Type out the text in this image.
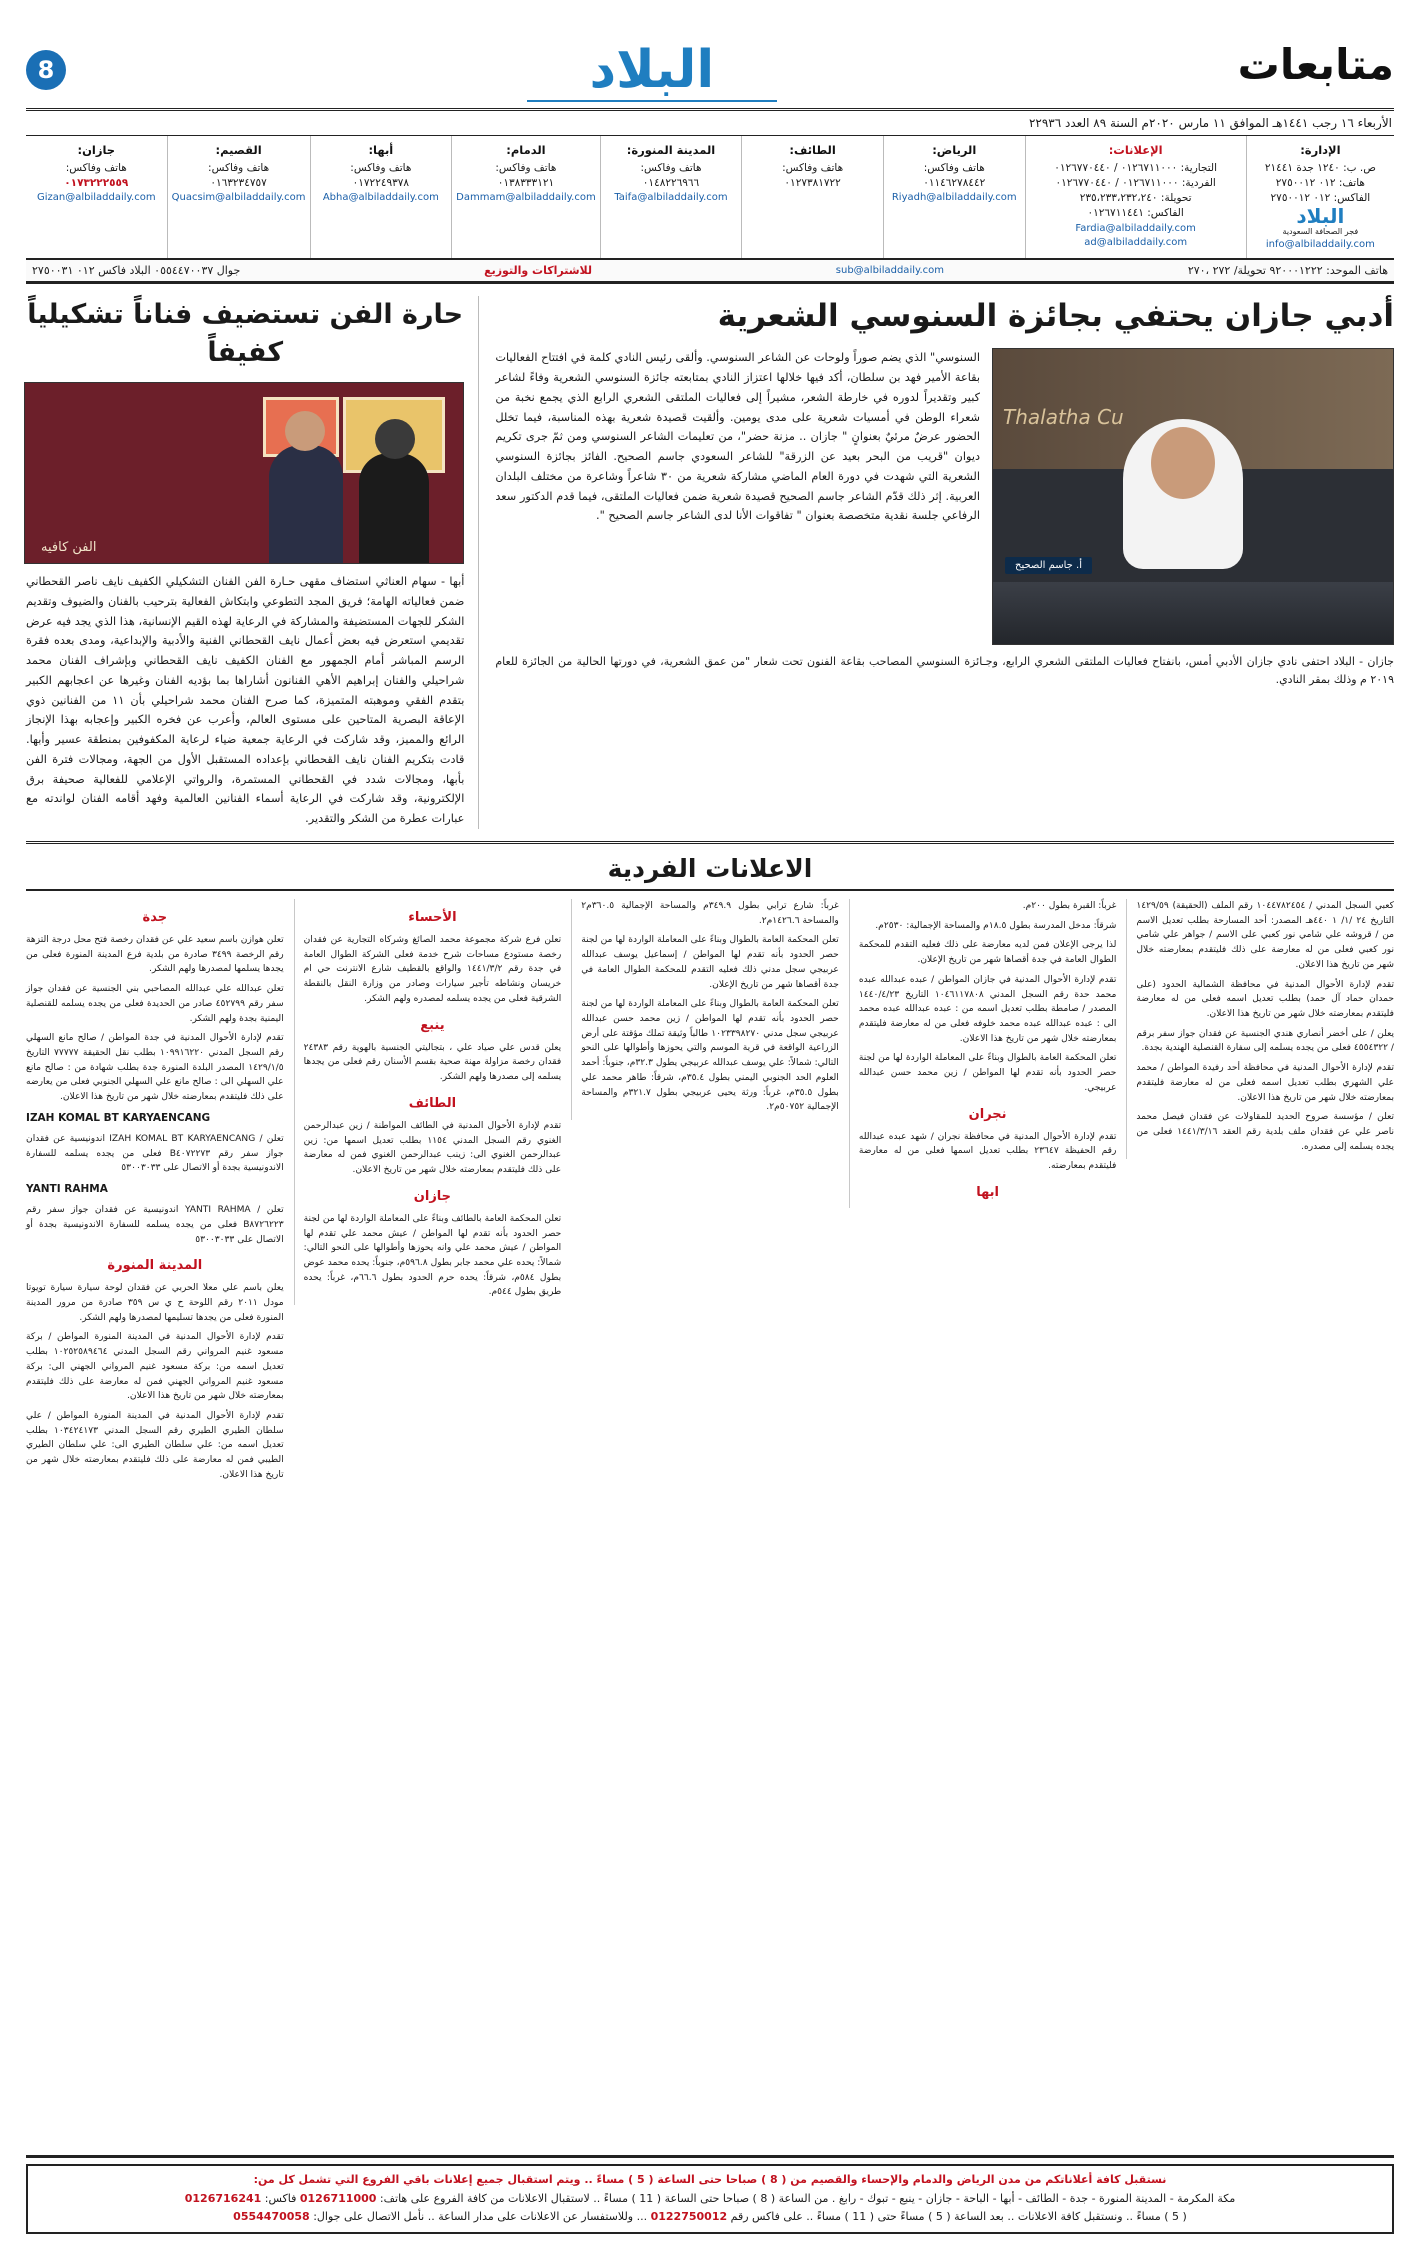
متابعات
البلاد
8
الأربعاء ١٦ رجب ١٤٤١هـ الموافق ١١ مارس ٢٠٢٠م السنة ٨٩ العدد ٢٢٩٣٦
الإدارة:
ص. ب: ١٢٤٠ جدة ٢١٤٤١
هاتف: ٠١٢ ٢٧٥٠٠١٢
الفاكس: ٠١٢ ٢٧٥٠٠١٢
البلاد
فجر الصحافة السعودية
info@albiladdaily.com
الإعلانات:
التجارية: ٠١٢٦٧١١٠٠٠ / ٠١٢٦٧٧٠٤٤٠
الفردية: ٠١٢٦٧١١٠٠٠ / ٠١٢٦٧٧٠٤٤٠
تحويلة: ٢٣٥،٢٣٣،٢٣٢،٢٤٠
الفاكس: ٠١٢٦٧١١٤٤١
Fardia@albiladdaily.com
ad@albiladdaily.com
الرياض:
هاتف وفاكس:
٠١١٤٦٢٧٨٤٤٢
Riyadh@albiladdaily.com
الطائف:
هاتف وفاكس:
٠١٢٧٣٨١٧٢٢
المدينة المنورة:
هاتف وفاكس:
٠١٤٨٢٢٦٩٦٦
Taifa@albiladdaily.com
الدمام:
هاتف وفاكس:
٠١٣٨٣٣٣١٢١
Dammam@albiladdaily.com
أبها:
هاتف وفاكس:
٠١٧٢٢٤٩٣٧٨
Abha@albiladdaily.com
القصيم:
هاتف وفاكس:
٠١٦٣٢٣٤٧٥٧
Quacsim@albiladdaily.com
جازان:
هاتف وفاكس:
٠١٧٣٢٢٢٥٥٩
Gizan@albiladdaily.com
هاتف الموحد: ٩٢٠٠٠١٢٢٢ تحويلة/ ٢٧٢ ،٢٧٠
sub@albiladdaily.com
للاشتراكات والتوزيع
جوال ٠٥٥٤٤٧٠٠٣٧ البلاد فاكس ٠١٢ ٢٧٥٠٠٣١
أدبي جازان يحتفي بجائزة السنوسي الشعرية
Thalatha Cu
أ. جاسم الصحيح
السنوسي" الذي يضم صوراً ولوحات عن الشاعر السنوسي. وألقى رئيس النادي كلمة في افتتاح الفعاليات بقاعة الأمير فهد بن سلطان، أكد فيها خلالها اعتزاز النادي بمتابعته جائزة السنوسي الشعرية وفاءً لشاعر كبير وتقديراً لدوره في خارطة الشعر، مشيراً إلى فعاليات الملتقى الشعري الرابع الذي يجمع نخبة من شعراء الوطن في أمسيات شعرية على مدى يومين. وألقيت قصيدة شعرية بهذه المناسبة، فيما تخلل الحضور عرضٌ مرئيٌ بعنوانٍ " جازان .. مزنة حضر"، من تعليمات الشاعر السنوسي ومن ثمّ جرى تكريم ديوان "قريب من البحر بعيد عن الزرقة" للشاعر السعودي جاسم الصحيح. الفائز بجائزة السنوسي الشعرية التي شهدت في دورة العام الماضي مشاركة شعرية من ٣٠ شاعراً وشاعرة من مختلف البلدان العربية. إثر ذلك قدّم الشاعر جاسم الصحيح قصيدة شعرية ضمن فعاليات الملتقى، فيما قدم الدكتور سعد الرفاعي جلسة نقدية متخصصة بعنوان " تفاقوات الأنا لدى الشاعر جاسم الصحيح ".
جازان - البلاد احتفى نادي جازان الأدبي أمس، بانفتاح فعاليات الملتقى الشعري الرابع، وجـائزة السنوسي المصاحب بقاعة الفنون تحت شعار "من عمق الشعرية، في دورتها الحالية من الجائزة للعام ٢٠١٩ م وذلك بمقر النادي.
حارة الفن تستضيف فناناً تشكيلياً كفيفاً
الفن كافيه
أبها - سهام العناثي استضاف مقهى حـارة الفن الفنان التشكيلي الكفيف نايف ناصر القحطاني ضمن فعالياته الهامة؛ فريق المجد التطوعي وابتكاش الفعالية بترحيب بالفنان والضيوف وتقديم الشكر للجهات المستضيفة والمشاركة في الرعاية لهذه القيم الإنسانية، هذا الذي يجد فيه عرض تقديمي استعرض فيه بعض أعمال نايف القحطاني الفنية والأدبية والإبداعية، ومدى بعده فقرة الرسم المباشر أمام الجمهور مع الفنان الكفيف نايف القحطاني وبإشراف الفنان محمد شراحيلي والفنان إبراهيم الأهي الفنانون أشاراها بما بؤديه الفنان وغيرها عن اعجابهم الكبير بتقدم الفقي وموهبته المتميزة، كما صرح الفنان محمد شراحيلي بأن ١١ من الفنانين ذوي الإعاقة البصرية المتاحين على مستوى العالم، وأعرب عن فخره الكبير وإعجابه بهذا الإنجاز الرائع والمميز، وقد شاركت في الرعاية جمعية ضياء لرعاية المكفوفين بمنطقة عسير وأبها. قادت بتكريم الفنان نايف القحطاني بإعداده المستقبل الأول من الجهة، ومجالات فترة الفن بأبها، ومجالات شدد في القحطاني المستمرة، والرواتي الإعلامي للفعالية صحيفة برق الإلكترونية، وقد شاركت في الرعاية أسماء الفنانين العالمية وفهد أقامه الفنان لواندته مع عبارات عطرة من الشكر والتقدير.
الاعلانات الفردية

كعبي السجل المدني / ١٠٤٤٧٨٢٤٥٤ رقم الملف (الحقيقة) ١٤٢٩/٥٩ التاريخ ٢٤ /١/ ١ ٤٤٠هـ المصدر: أحد المسارحة بطلب تعديل الاسم من / قروشه علي شامي نور كعبي على الاسم / جواهر علي شامي نور كعبي فعلى من له معارضة على ذلك فليتقدم بمعارضته خلال شهر من تاريخ هذا الاعلان.

تقدم لإدارة الأحوال المدنية في محافظة الشمالية الحدود (على حمدان حماد آل حمد) بطلب تعديل اسمه فعلى من له معارضة فليتقدم بمعارضته خلال شهر من تاريخ هذا الاعلان.

يعلن / على أخضر أنصاري هندي الجنسية عن فقدان جواز سفر برقم / ٤٥٥٤٣٢٢ فعلى من يجده يسلمه إلى سفارة القنصلية الهندية بجدة.

تقدم لإدارة الأحوال المدنية في محافظة أحد رفيدة المواطن / محمد علي الشهري بطلب تعديل اسمه فعلى من له معارضة فليتقدم بمعارضته خلال شهر من تاريخ هذا الاعلان.

تعلن / مؤسسة صروح الحديد للمقاولات عن فقدان فيصل محمد ناصر علي عن فقدان ملف بلدية رقم العقد ١٤٤١/٣/١٦ فعلى من يجده يسلمه إلى مصدره.

غرباً: القبرة بطول ٢٠٠م.

شرقاً: مدخل المدرسة بطول ١٨.٥م والمساحة الإجمالية: ٢٥٣٠م.

لذا يرجى الإعلان فمن لديه معارضة على ذلك فعليه التقدم للمحكمة الطوال العامة في جدة أقصاها شهر من تاريخ الإعلان.

تقدم لإدارة الأحوال المدنية في جازان المواطن / عبده عبدالله عبده محمد حدة رقم السجل المدني ١٠٤٦١١٧٨٠٨ التاريخ ١٤٤٠/٤/٢٣ المصدر / صامطة بطلب تعديل اسمه من : عبده عبدالله عبده محمد الى : عبده عبدالله عبده محمد خلوفه فعلى من له معارضة فليتقدم بمعارضته خلال شهر من تاريخ هذا الاعلان.

تعلن المحكمة العامة بالطوال وبناءً على المعاملة الواردة لها من لجنة حصر الحدود بأنه تقدم لها المواطن / زين محمد حسن عبدالله عربيجي.

نجران

تقدم لإدارة الأحوال المدنية في محافظة نجران / شهد عبده عبدالله رقم الحفيظة ٢٣٦٤٧ بطلب تعديل اسمها فعلى من له معارضة فليتقدم بمعارضته.

ابها

غرباً: شارع ترابي بطول ٣٤٩.٩م والمساحة الإجمالية ٣٦٠.٥م٢ والمساحة ١٤٢٦.٦م٢.

تعلن المحكمة العامة بالطوال وبناءً على المعاملة الواردة لها من لجنة حصر الحدود بأنه تقدم لها المواطن / إسماعيل يوسف عبدالله عربيجي سجل مدني ذلك فعليه التقدم للمحكمة الطوال العامة في جدة أقصاها شهر من تاريخ الإعلان.

تعلن المحكمة العامة بالطوال وبناءً على المعاملة الواردة لها من لجنة حصر الحدود بأنه تقدم لها المواطن / زين محمد حسن عبدالله عربيجي سجل مدني ١٠٢٣٣٩٨٢٧٠ طالباً وثيقة تملك مؤقتة على أرض الزراعية الواقعة في قرية الموسم والتي يحوزها وأطوالها على النحو التالي: شمالاً: علي يوسف عبدالله عربيجي يطول ٣٢.٣م، جنوباً: أحمد العلوم الحد الجنوبي اليمني بطول ٣٥.٤م، شرقاً: طاهر محمد علي بطول ٣٥.٥م، غرباً: ورثة يحيى عربيجي بطول ٣٢١.٧م والمساحة الإجمالية ٥٠٧٥٢م٢.

الأحساء

تعلن فرع شركة مجموعة محمد الصائغ وشركاه التجارية عن فقدان رخصة مستودع مساحات شرح خدمة فعلى الشركة الطوال العامة في جدة رقم ١٤٤١/٣/٢ والواقع بالقطيف شارع الانترنت حي ام خريسان ونشاطه تأجير سيارات وصادر من وزارة النقل بالنقطة الشرقية فعلى من يجده يسلمه لمصدره ولهم الشكر.

ينبع

يعلن قدس علي صياد علي ، بتجاليتي الجنسية بالهوية رقم ٢٤٣٨٣ فقدان رخصة مزاولة مهنة صحية بقسم الأسنان رقم فعلى من يجدها يسلمه إلى مصدرها ولهم الشكر.

الطائف

تقدم لإدارة الأحوال المدنية في الطائف المواطنة / زين عبدالرحمن الغنوي رقم السجل المدني ١١٥٤ بطلب تعديل اسمها من: زين عبدالرحمن الغنوي الى: زينب عبدالرحمن الغنوي فمن له معارضة على ذلك فليتقدم بمعارضته خلال شهر من تاريخ الاعلان.

جازان

تعلن المحكمة العامة بالطائف وبناءً على المعاملة الواردة لها من لجنة حصر الحدود بأنه تقدم لها المواطن / عيش محمد علي تقدم لها المواطن / عيش محمد علي وانه يحوزها وأطوالها على النحو التالي: شمالاً: يحده علي محمد جابر بطول ٥٩٦.٨م، جنوباً: يحده محمد عوض بطول ٥٨٤م، شرقاً: يحده حرم الحدود بطول ٦٦.٦م، غرباً: يحده طريق بطول ٥٤٤م.

جدة

تعلن هوازن باسم سعيد علي عن فقدان رخصة فتح محل درجة التزهة رقم الرخصة ٣٤٩٩ صادرة من بلدية فرع المدينة المنورة فعلى من يجدها يسلمها لمصدرها ولهم الشكر.

تعلن عبدالله علي عبدالله المصاحبي بني الجنسية عن فقدان جواز سفر رقم ٤٥٢٧٩٩ صادر من الحديدة فعلى من يجده يسلمه للقنصلية اليمنية بجدة ولهم الشكر.

تقدم لإدارة الأحوال المدنية في جدة المواطن / صالح مانع السهلي رقم السجل المدني ١٠٩٩١٦٢٢٠ بطلب نقل الحقيقة ٧٧٧٧٧ التاريخ ١٤٢٩/١/٥ المصدر البلدة المنورة جدة بطلب شهادة من : صالح مانع علي السهلي الى : صالح مانع علي السهلي الجنوبي فعلى من يعارضه على ذلك فليتقدم بمعارضته خلال شهر من تاريخ هذا الاعلان.

IZAH KOMAL BT KARYAENCANG

تعلن / IZAH KOMAL BT KARYAENCANG اندونيسية عن فقدان جواز سفر رقم B٤٠٧٢٢٧٣ فعلى من يجده يسلمه للسفارة الاندونيسية بجدة أو الاتصال على ٥٣٠٠٣٠٣٣

YANTI RAHMA

تعلن / YANTI RAHMA اندونيسية عن فقدان جواز سفر رقم B٨٧٢٦٢٢٣ فعلى من يجده يسلمه للسفارة الاندونيسية بجدة أو الاتصال على ٥٣٠٠٣٠٣٣

المدينة المنورة

يعلن باسم علي معلا الحربي عن فقدان لوحة سيارة سيارة تويوتا مودل ٢٠١١ رقم اللوحة ح ي س ٣٥٩ صادرة من مرور المدينة المنورة فعلى من يجدها تسليمها لمصدرها ولهم الشكر.

تقدم لإدارة الأحوال المدنية في المدينة المنورة المواطن / بركة مسعود غنيم المرواني رقم السجل المدني ١٠٢٥٢٥٨٩٤٦٤ بطلب تعديل اسمه من: بركة مسعود غنيم المرواني الجهني الى: بركة مسعود غنيم المرواني الجهني فمن له معارضة على ذلك فليتقدم بمعارضته خلال شهر من تاريخ هذا الاعلان.

تقدم لإدارة الأحوال المدنية في المدينة المنورة المواطن / علي سلطان الطيري الطيري رقم السجل المدني ١٠٣٤٢٤١٧٣ بطلب تعديل اسمه من: علي سلطان الطيري الى: علي سلطان الطيري الطيبي فمن له معارضة على ذلك فليتقدم بمعارضته خلال شهر من تاريخ هذا الاعلان.

نستقبل كافة أعلاناتكم من مدن الرياض والدمام والإحساء والقصيم من ( 8 ) صباحا حتى الساعة ( 5 ) مساءً .. ويتم استقبال جميع إعلانات باقي الفروع التي تشمل كل من:
مكة المكرمة - المدينة المنورة - جدة - الطائف - أبها - الباحة - جازان - ينبع - تبوك - رابغ . من الساعة ( 8 ) صباحا حتى الساعة ( 11 ) مساءً .. لاستقبال الاعلانات من كافة الفروع على هاتف: 0126711000 فاكس: 0126716241
( 5 ) مساءً .. ونستقبل كافة الاعلانات .. بعد الساعة ( 5 ) مساءً حتى ( 11 ) مساءً .. على فاكس رقم 0122750012 ... وللاستفسار عن الاعلانات على مدار الساعة .. نأمل الاتصال على جوال: 0554470058
